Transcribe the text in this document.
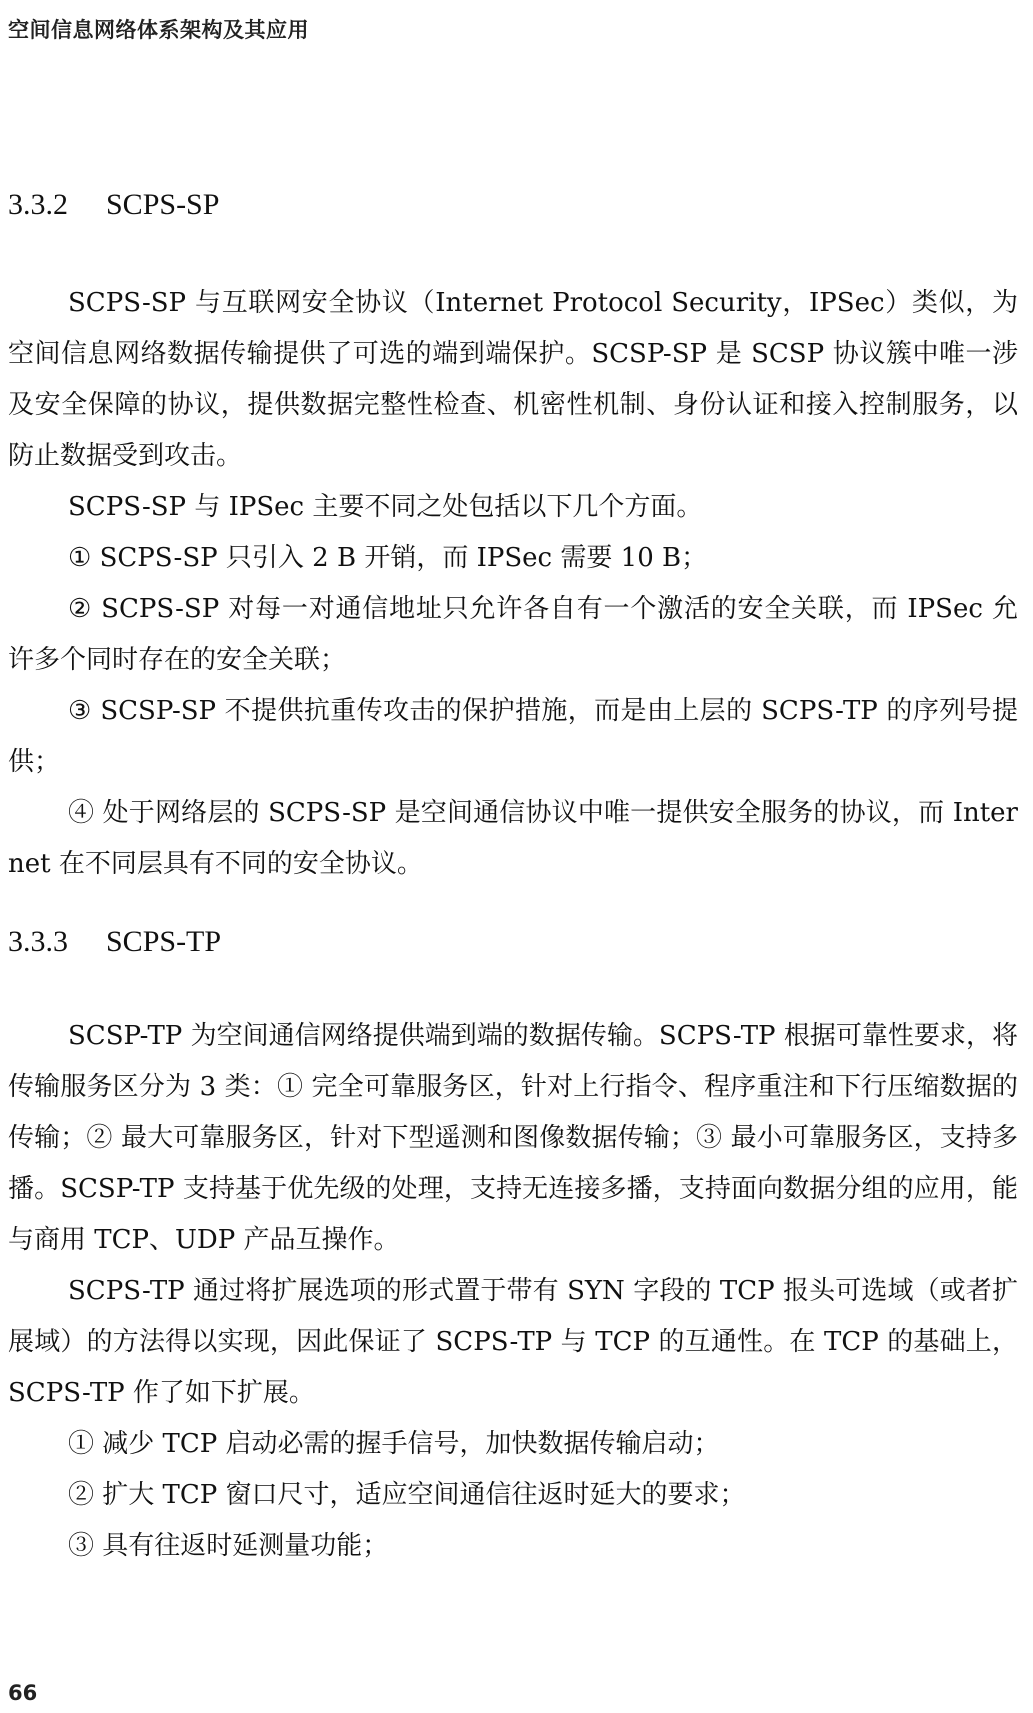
空间信息网络体系架构及其应用
3.3.2 SCPS-SP

SCPS-SP 与互联网安全协议（Internet Protocol Security，IPSec）类似，为空间信息网络数据传输提供了可选的端到端保护。SCSP-SP 是 SCSP 协议簇中唯一涉及安全保障的协议，提供数据完整性检查、机密性机制、身份认证和接入控制服务，以防止数据受到攻击。

SCPS-SP 与 IPSec 主要不同之处包括以下几个方面。

① SCPS-SP 只引入 2 B 开销，而 IPSec 需要 10 B；

② SCPS-SP 对每一对通信地址只允许各自有一个激活的安全关联，而 IPSec 允许多个同时存在的安全关联；

③ SCSP-SP 不提供抗重传攻击的保护措施，而是由上层的 SCPS-TP 的序列号提供；

④ 处于网络层的 SCPS-SP 是空间通信协议中唯一提供安全服务的协议，而 Internet 在不同层具有不同的安全协议。

3.3.3 SCPS-TP

SCSP-TP 为空间通信网络提供端到端的数据传输。SCPS-TP 根据可靠性要求，将传输服务区分为 3 类：① 完全可靠服务区，针对上行指令、程序重注和下行压缩数据的传输；② 最大可靠服务区，针对下型遥测和图像数据传输；③ 最小可靠服务区，支持多播。SCSP-TP 支持基于优先级的处理，支持无连接多播，支持面向数据分组的应用，能与商用 TCP、UDP 产品互操作。

SCPS-TP 通过将扩展选项的形式置于带有 SYN 字段的 TCP 报头可选域（或者扩展域）的方法得以实现，因此保证了 SCPS-TP 与 TCP 的互通性。在 TCP 的基础上，SCPS-TP 作了如下扩展。

① 减少 TCP 启动必需的握手信号，加快数据传输启动；

② 扩大 TCP 窗口尺寸，适应空间通信往返时延大的要求；

③ 具有往返时延测量功能；

66
